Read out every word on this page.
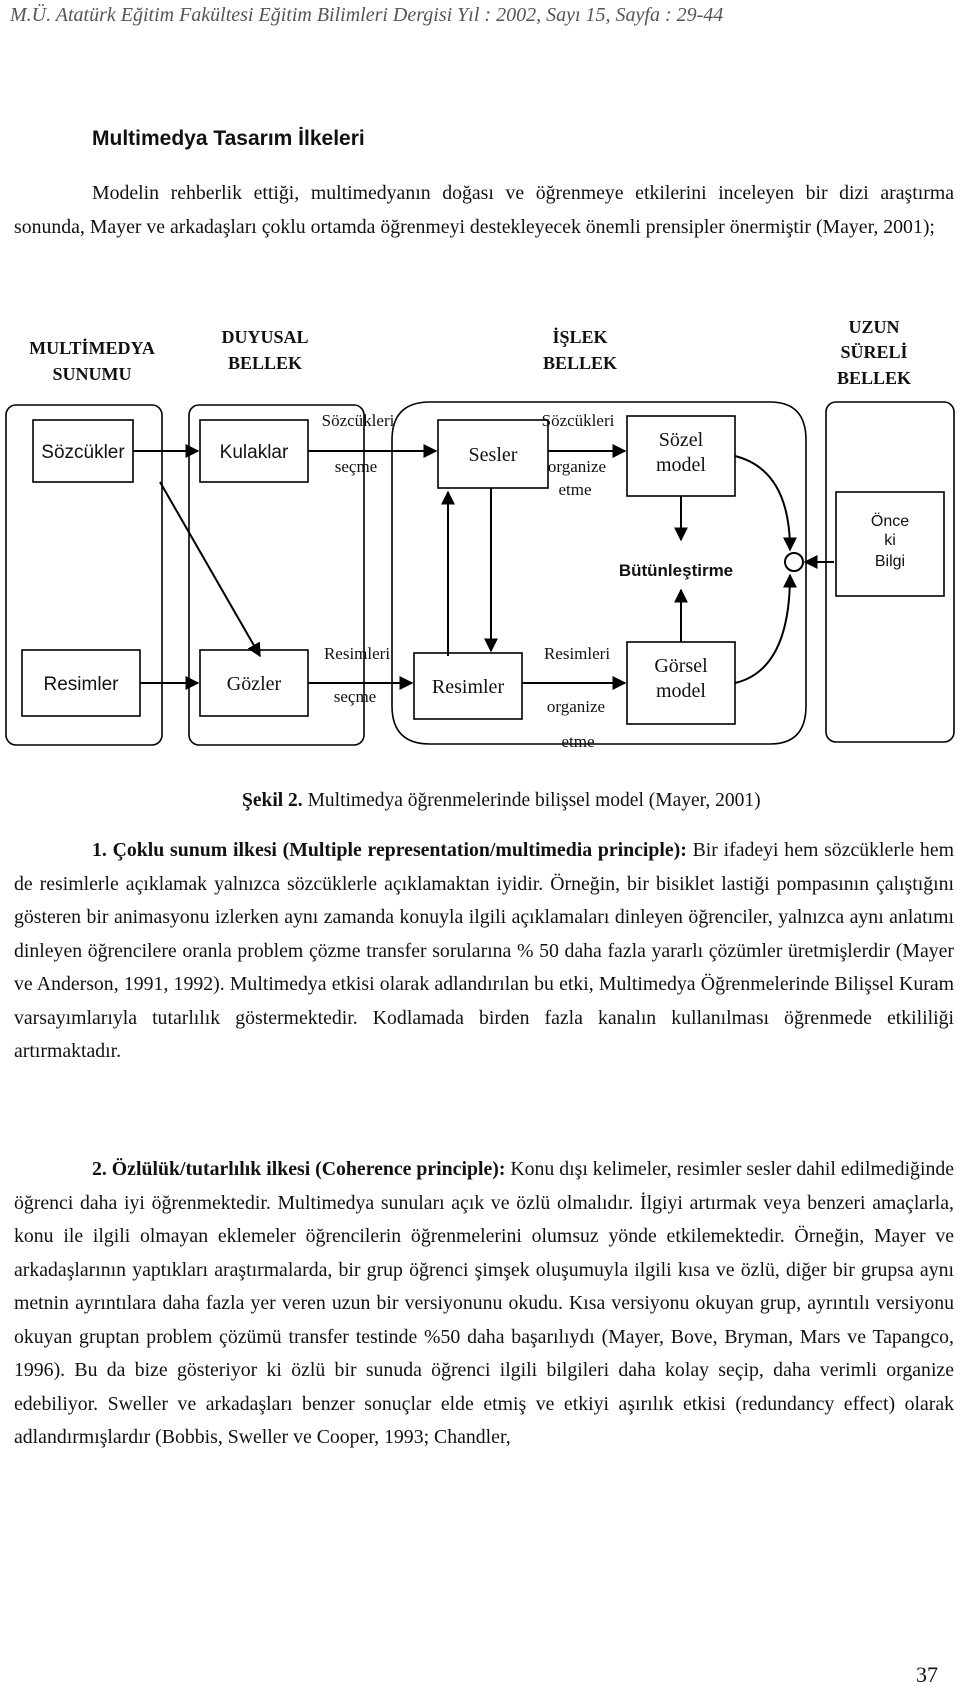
M.Ü. Atatürk Eğitim Fakültesi Eğitim Bilimleri Dergisi Yıl : 2002, Sayı 15, Sayfa : 29-44
Multimedya Tasarım İlkeleri

Modelin rehberlik ettiği, multimedyanın doğası ve öğrenmeye etkilerini inceleyen bir dizi araştırma sonunda, Mayer ve arkadaşları çoklu ortamda öğrenmeyi destekleyecek önemli prensipler önermiştir (Mayer, 2001);

MULTİMEDYA
SUNUMU
DUYUSAL
BELLEK
İŞLEK
BELLEK
UZUN
SÜRELİ
BELLEK
Sözcükler	Kulaklar	Sesler
Sözel
model
Resimler	Gözler	Resimler
Görsel
model
Önce
ki
Bilgi
Sözcükleri
seçme
Sözcükleri
organize
etme
Bütünleştirme
Resimleri
seçme
Resimleri
organize
etme
Şekil 2. Multimedya öğrenmelerinde bilişsel model (Mayer, 2001)

1. Çoklu sunum ilkesi (Multiple representation/multimedia principle): Bir ifadeyi hem sözcüklerle hem de resimlerle açıklamak yalnızca sözcüklerle açıklamaktan iyidir. Örneğin, bir bisiklet lastiği pompasının çalıştığını gösteren bir animasyonu izlerken aynı zamanda konuyla ilgili açıklamaları dinleyen öğrenciler, yalnızca aynı anlatımı dinleyen öğrencilere oranla problem çözme transfer sorularına % 50 daha fazla yararlı çözümler üretmişlerdir (Mayer ve Anderson, 1991, 1992). Multimedya etkisi olarak adlandırılan bu etki, Multimedya Öğrenmelerinde Bilişsel Kuram varsayımlarıyla tutarlılık göstermektedir. Kodlamada birden fazla kanalın kullanılması öğrenmede etkililiği artırmaktadır.

2. Özlülük/tutarlılık ilkesi (Coherence principle): Konu dışı kelimeler, resimler sesler dahil edilmediğinde öğrenci daha iyi öğrenmektedir. Multimedya sunuları açık ve özlü olmalıdır. İlgiyi artırmak veya benzeri amaçlarla, konu ile ilgili olmayan eklemeler öğrencilerin öğrenmelerini olumsuz yönde etkilemektedir. Örneğin, Mayer ve arkadaşlarının yaptıkları araştırmalarda, bir grup öğrenci şimşek oluşumuyla ilgili kısa ve özlü, diğer bir grupsa aynı metnin ayrıntılara daha fazla yer veren uzun bir versiyonunu okudu. Kısa versiyonu okuyan grup, ayrıntılı versiyonu okuyan gruptan problem çözümü transfer testinde %50 daha başarılıydı (Mayer, Bove, Bryman, Mars ve Tapangco, 1996). Bu da bize gösteriyor ki özlü bir sunuda öğrenci ilgili bilgileri daha kolay seçip, daha verimli organize edebiliyor. Sweller ve arkadaşları benzer sonuçlar elde etmiş ve etkiyi aşırılık etkisi (redundancy effect) olarak adlandırmışlardır (Bobbis, Sweller ve Cooper, 1993; Chandler,

37
